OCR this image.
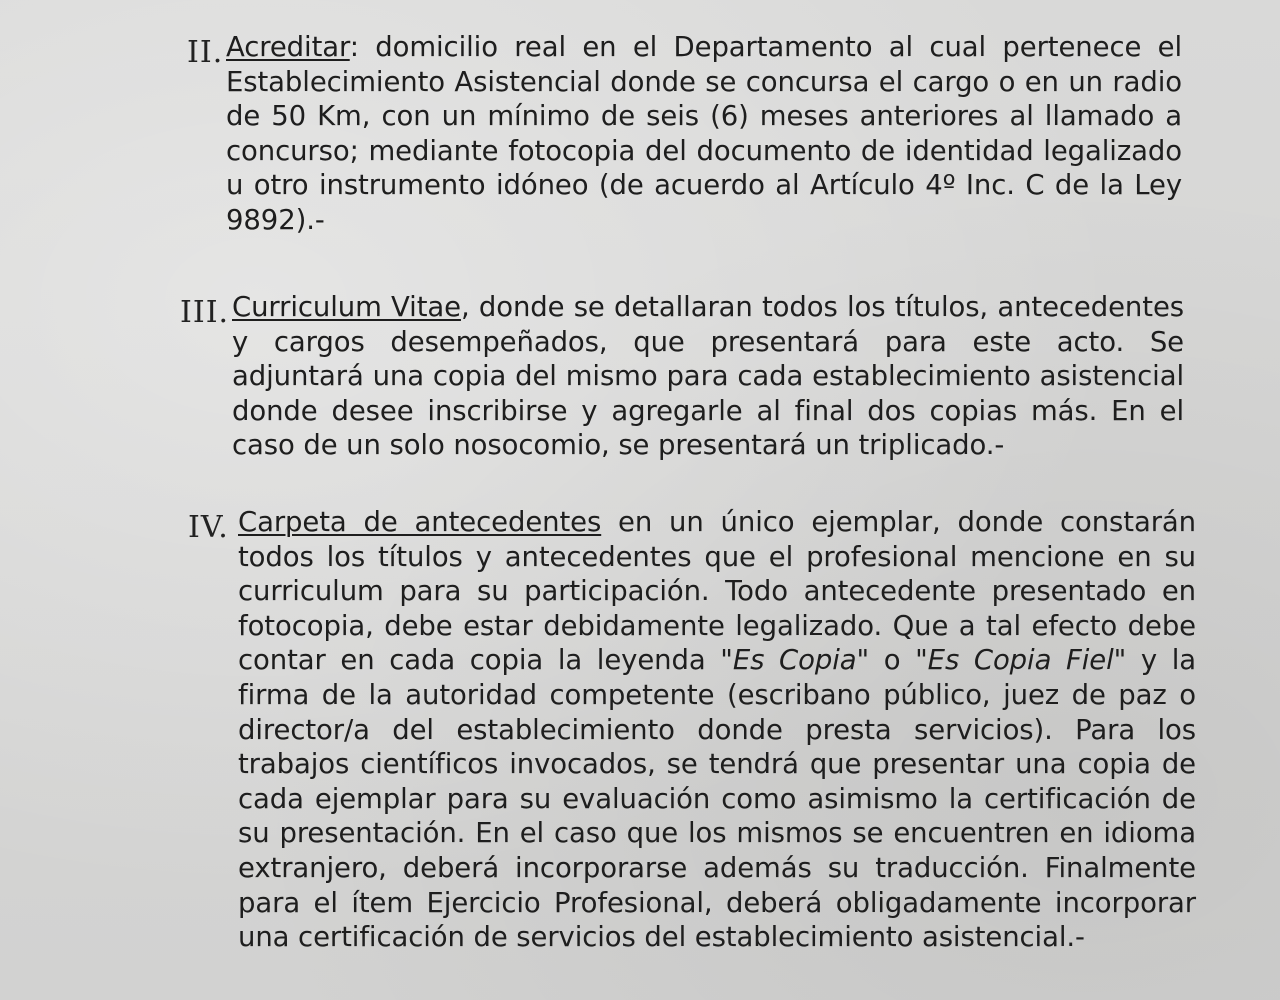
II. Acreditar: domicilio real en el Departamento al cual pertenece el Establecimiento Asistencial donde se concursa el cargo o en un radio de 50 Km, con un mínimo de seis (6) meses anteriores al llamado a concurso; mediante fotocopia del documento de identidad legalizado u otro instrumento idóneo (de acuerdo al Artículo 4º Inc. C de la Ley 9892).-
III. Curriculum Vitae, donde se detallaran todos los títulos, antecedentes y cargos desempeñados, que presentará para este acto. Se adjuntará una copia del mismo para cada establecimiento asistencial donde desee inscribirse y agregarle al final dos copias más. En el caso de un solo nosocomio, se presentará un triplicado.-
IV. Carpeta de antecedentes en un único ejemplar, donde constarán todos los títulos y antecedentes que el profesional mencione en su curriculum para su participación. Todo antecedente presentado en fotocopia, debe estar debidamente legalizado. Que a tal efecto debe contar en cada copia la leyenda "Es Copia" o "Es Copia Fiel" y la firma de la autoridad competente (escribano público, juez de paz o director/a del establecimiento donde presta servicios). Para los trabajos científicos invocados, se tendrá que presentar una copia de cada ejemplar para su evaluación como asimismo la certificación de su presentación. En el caso que los mismos se encuentren en idioma extranjero, deberá incorporarse además su traducción. Finalmente para el ítem Ejercicio Profesional, deberá obligadamente incorporar una certificación de servicios del establecimiento asistencial.-
